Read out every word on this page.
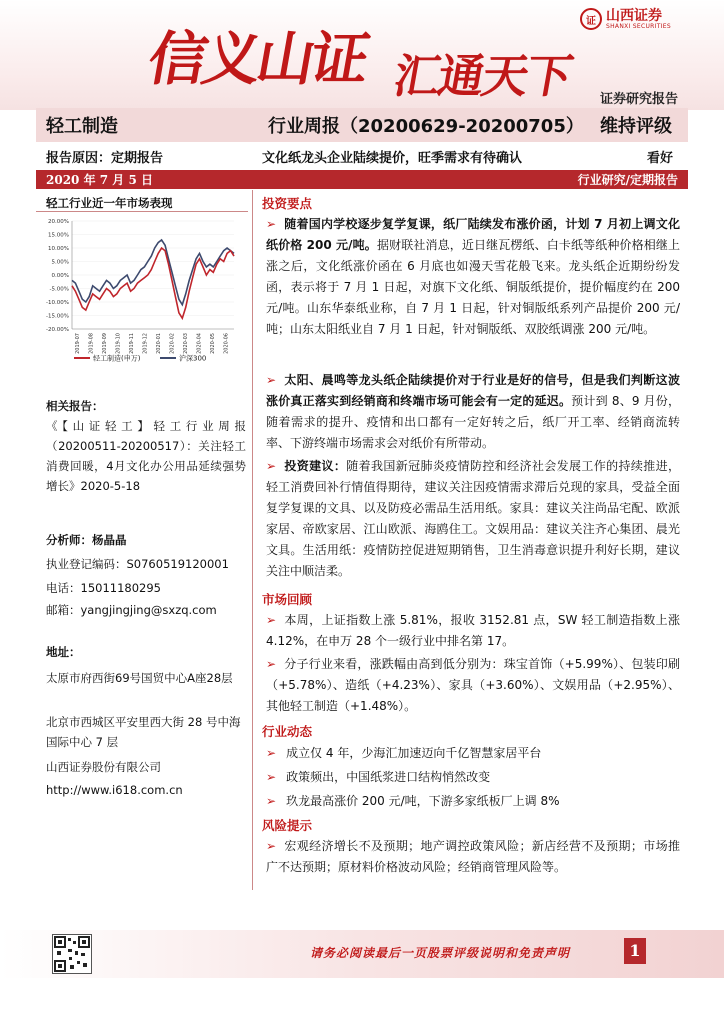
信义山证 汇通天下
证 山西证券
SHANXI SECURITIES
证券研究报告
轻工制造	行业周报（20200629-20200705） 维持评级
报告原因：定期报告	文化纸龙头企业陆续提价，旺季需求有待确认	看好
2020 年 7 月 5 日	行业研究/定期报告
轻工行业近一年市场表现
20.00%
15.00%
10.00%
5.00%
0.00%
-5.00%
-10.00%
-15.00%
-20.00%
2019-07 2019-08 2019-09 2019-10 2019-11 2019-12 2020-01 2020-02 2020-03 2020-04 2020-05 2020-06
轻工制造(申万)	沪深300
相关报告：
《【山证轻工】轻工行业周报（20200511-20200517）：关注轻工消费回暖，4月文化办公用品延续强势增长》2020-5-18
分析师：杨晶晶
执业登记编码：S0760519120001
电话：15011180295
邮箱：yangjingjing@sxzq.com
地址：
太原市府西街69号国贸中心A座28层
北京市西城区平安里西大街 28 号中海国际中心 7 层
山西证券股份有限公司
http://www.i618.com.cn
投资要点
➢ 随着国内学校逐步复学复课，纸厂陆续发布涨价函，计划 7 月初上调文化纸价格 200 元/吨。据财联社消息，近日继瓦楞纸、白卡纸等纸种价格相继上涨之后，文化纸涨价函在 6 月底也如漫天雪花般飞来。龙头纸企近期纷纷发函，表示将于 7 月 1 日起，对旗下文化纸、铜版纸提价，提价幅度约在 200 元/吨。山东华泰纸业称，自 7 月 1 日起，针对铜版纸系列产品提价 200 元/吨；山东太阳纸业自 7 月 1 日起，针对铜版纸、双胶纸调涨 200 元/吨。
➢ 太阳、晨鸣等龙头纸企陆续提价对于行业是好的信号，但是我们判断这波涨价真正落实到经销商和终端市场可能会有一定的延迟。预计到 8、9 月份，随着需求的提升、疫情和出口都有一定好转之后，纸厂开工率、经销商流转率、下游终端市场需求会对纸价有所带动。
➢ 投资建议：随着我国新冠肺炎疫情防控和经济社会发展工作的持续推进，轻工消费回补行情值得期待，建议关注因疫情需求滞后兑现的家具，受益全面复学复课的文具、以及防疫必需品生活用纸。家具：建议关注尚品宅配、欧派家居、帝欧家居、江山欧派、海鸥住工。文娱用品：建议关注齐心集团、晨光文具。生活用纸：疫情防控促进短期销售，卫生消毒意识提升利好长期，建议关注中顺洁柔。
市场回顾
➢ 本周，上证指数上涨 5.81%，报收 3152.81 点，SW 轻工制造指数上涨 4.12%，在申万 28 个一级行业中排名第 17。
➢ 分子行业来看，涨跌幅由高到低分别为：珠宝首饰（+5.99%）、包装印刷（+5.78%）、造纸（+4.23%）、家具（+3.60%）、文娱用品（+2.95%）、其他轻工制造（+1.48%）。
行业动态
➢ 成立仅 4 年，少海汇加速迈向千亿智慧家居平台
➢ 政策频出，中国纸浆进口结构悄然改变
➢ 玖龙最高涨价 200 元/吨，下游多家纸板厂上调 8%
风险提示
➢ 宏观经济增长不及预期；地产调控政策风险；新店经营不及预期；市场推广不达预期；原材料价格波动风险；经销商管理风险等。
请务必阅读最后一页股票评级说明和免责声明	1
